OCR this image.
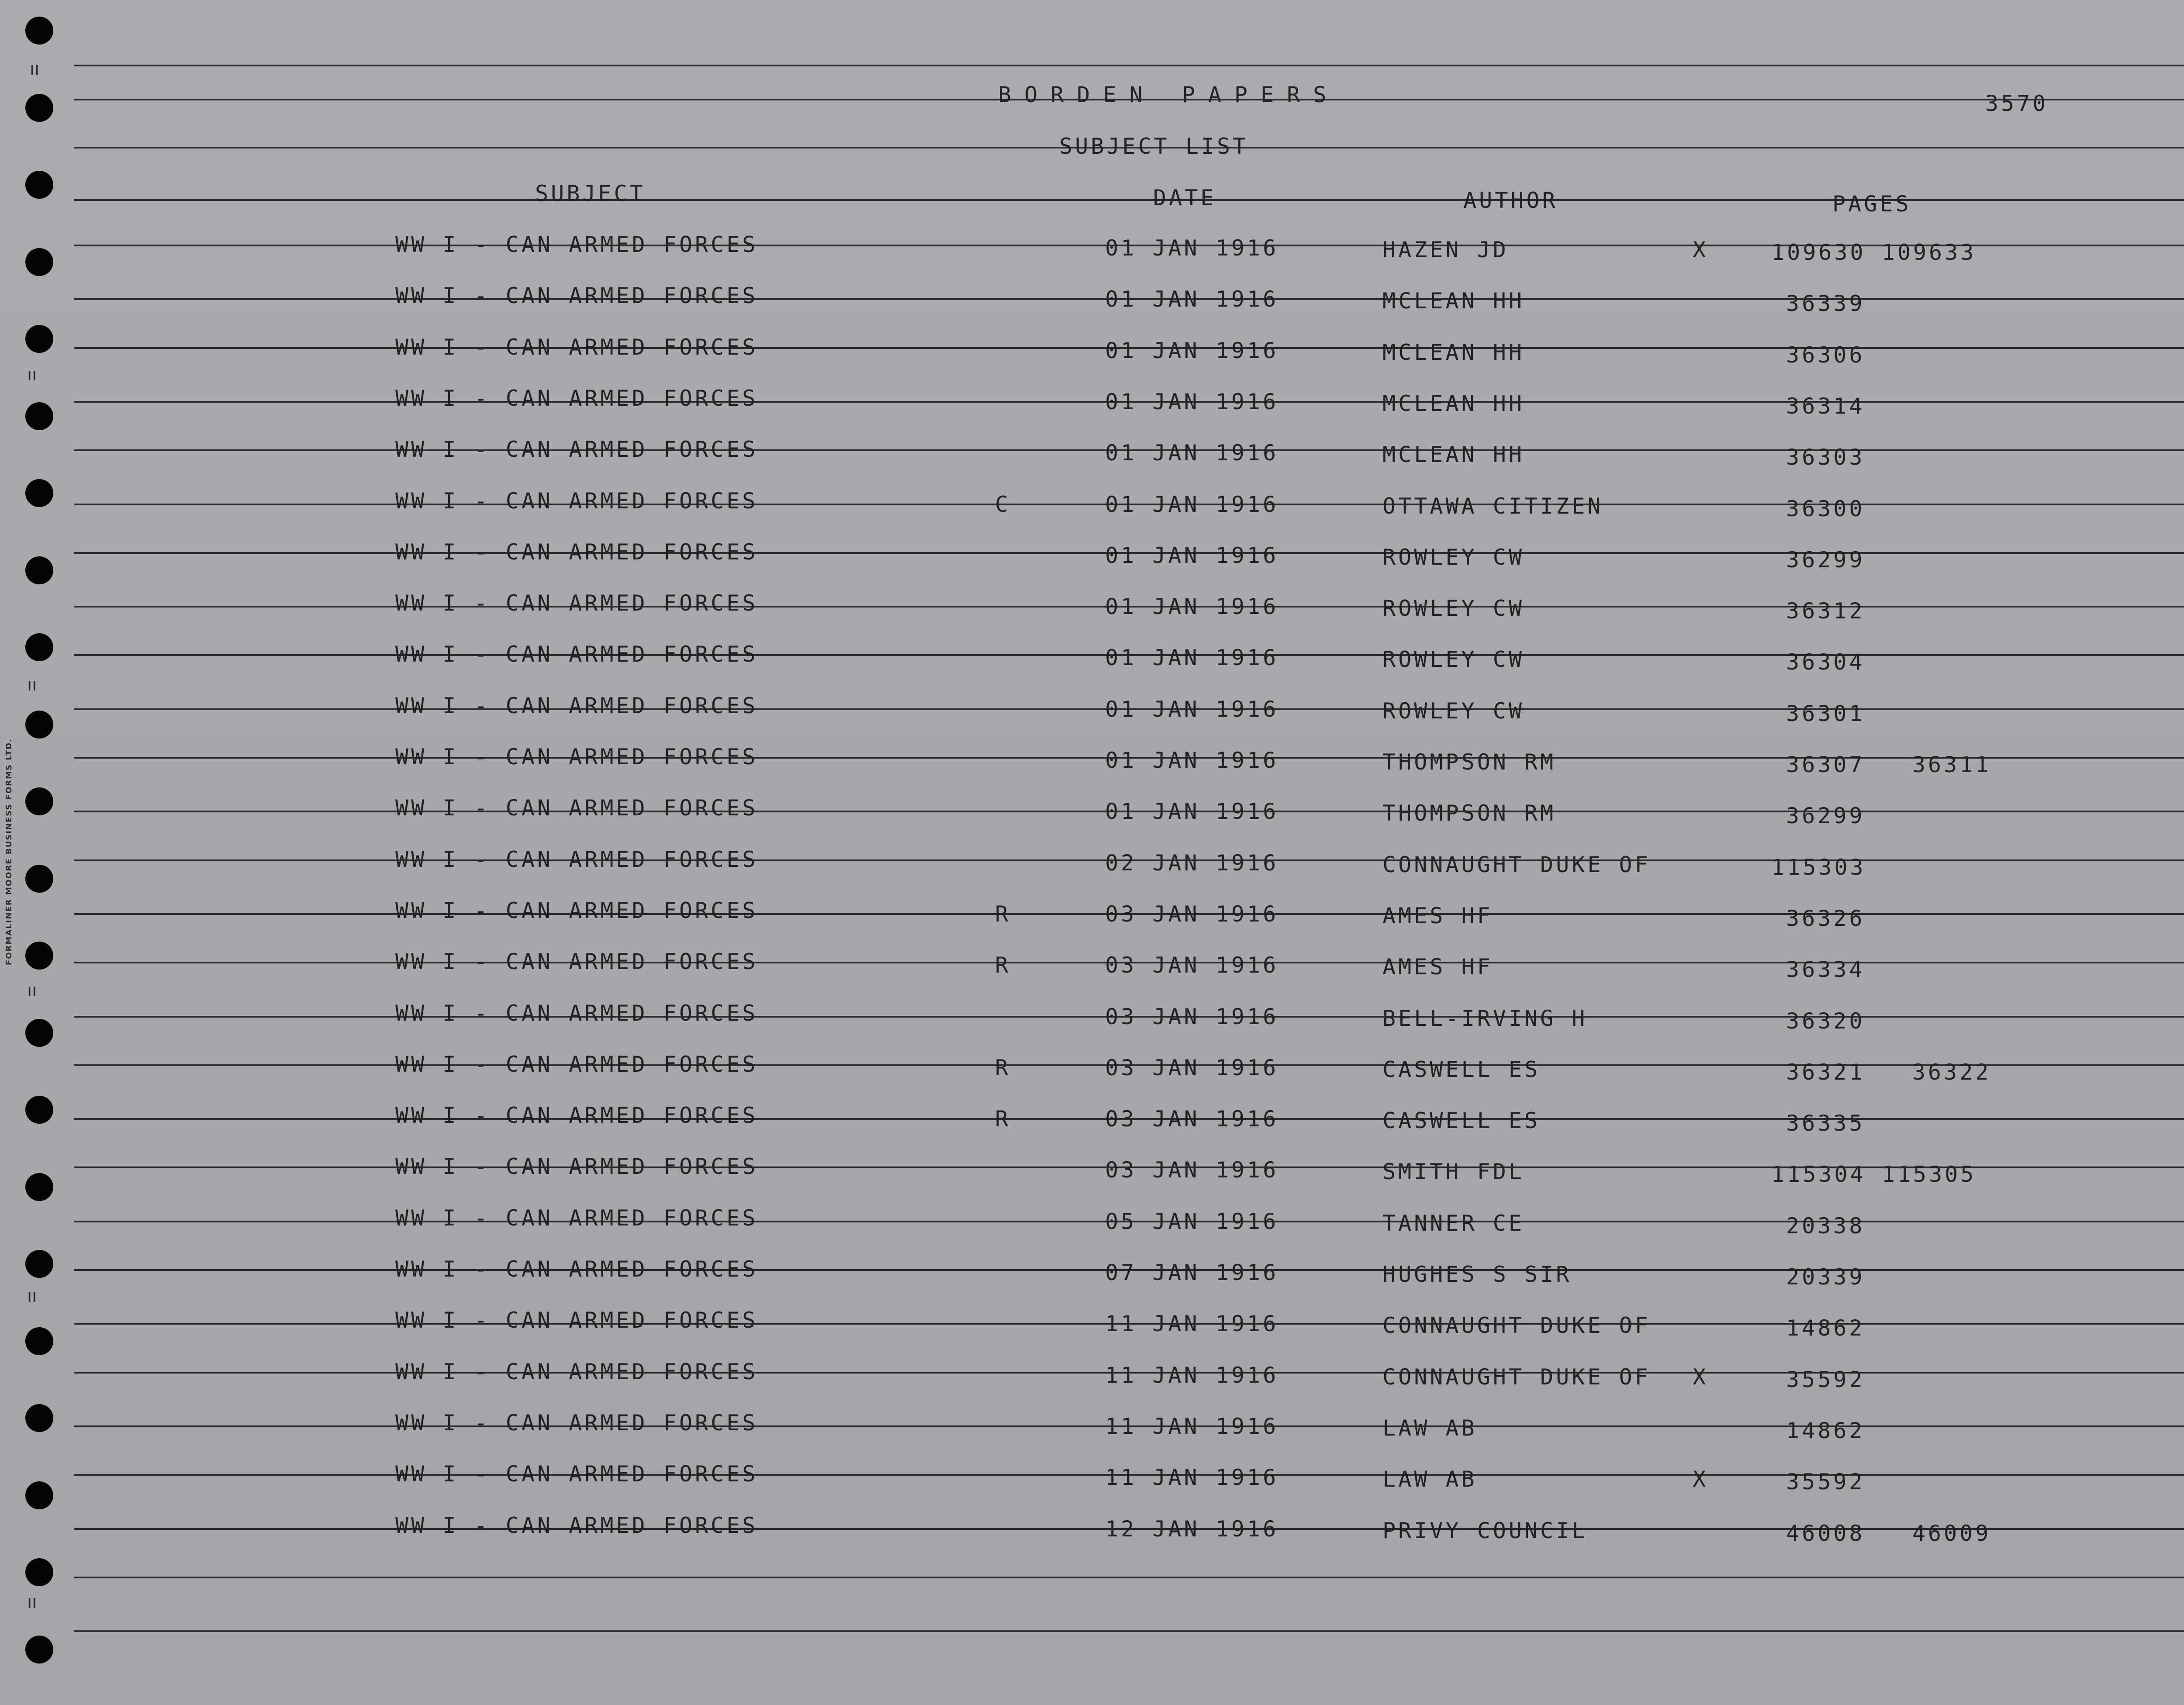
ıı
ıı
ıı
ıı
ıı
ıı
FORMALINER MOORE BUSINESS FORMS LTD.
BORDEN PAPERS	3570
SUBJECT LIST
SUBJECT	DATE	AUTHOR	PAGES
WW I - CAN ARMED FORCES	01 JAN 1916	HAZEN JD	X	109630 109633
WW I - CAN ARMED FORCES	01 JAN 1916	MCLEAN HH	36339
WW I - CAN ARMED FORCES	01 JAN 1916	MCLEAN HH	36306
WW I - CAN ARMED FORCES	01 JAN 1916	MCLEAN HH	36314
WW I - CAN ARMED FORCES	01 JAN 1916	MCLEAN HH	36303
WW I - CAN ARMED FORCES	C	01 JAN 1916	OTTAWA CITIZEN	36300
WW I - CAN ARMED FORCES	01 JAN 1916	ROWLEY CW	36299
WW I - CAN ARMED FORCES	01 JAN 1916	ROWLEY CW	36312
WW I - CAN ARMED FORCES	01 JAN 1916	ROWLEY CW	36304
WW I - CAN ARMED FORCES	01 JAN 1916	ROWLEY CW	36301
WW I - CAN ARMED FORCES	01 JAN 1916	THOMPSON RM	36307   36311
WW I - CAN ARMED FORCES	01 JAN 1916	THOMPSON RM	36299
WW I - CAN ARMED FORCES	02 JAN 1916	CONNAUGHT DUKE OF	115303
WW I - CAN ARMED FORCES	R	03 JAN 1916	AMES HF	36326
WW I - CAN ARMED FORCES	R	03 JAN 1916	AMES HF	36334
WW I - CAN ARMED FORCES	03 JAN 1916	BELL-IRVING H	36320
WW I - CAN ARMED FORCES	R	03 JAN 1916	CASWELL ES	36321   36322
WW I - CAN ARMED FORCES	R	03 JAN 1916	CASWELL ES	36335
WW I - CAN ARMED FORCES	03 JAN 1916	SMITH FDL	115304 115305
WW I - CAN ARMED FORCES	05 JAN 1916	TANNER CE	20338
WW I - CAN ARMED FORCES	07 JAN 1916	HUGHES S SIR	20339
WW I - CAN ARMED FORCES	11 JAN 1916	CONNAUGHT DUKE OF	14862
WW I - CAN ARMED FORCES	11 JAN 1916	CONNAUGHT DUKE OF X	35592
WW I - CAN ARMED FORCES	11 JAN 1916	LAW AB	14862
WW I - CAN ARMED FORCES	11 JAN 1916	LAW AB	X	35592
WW I - CAN ARMED FORCES	12 JAN 1916	PRIVY COUNCIL	46008   46009
